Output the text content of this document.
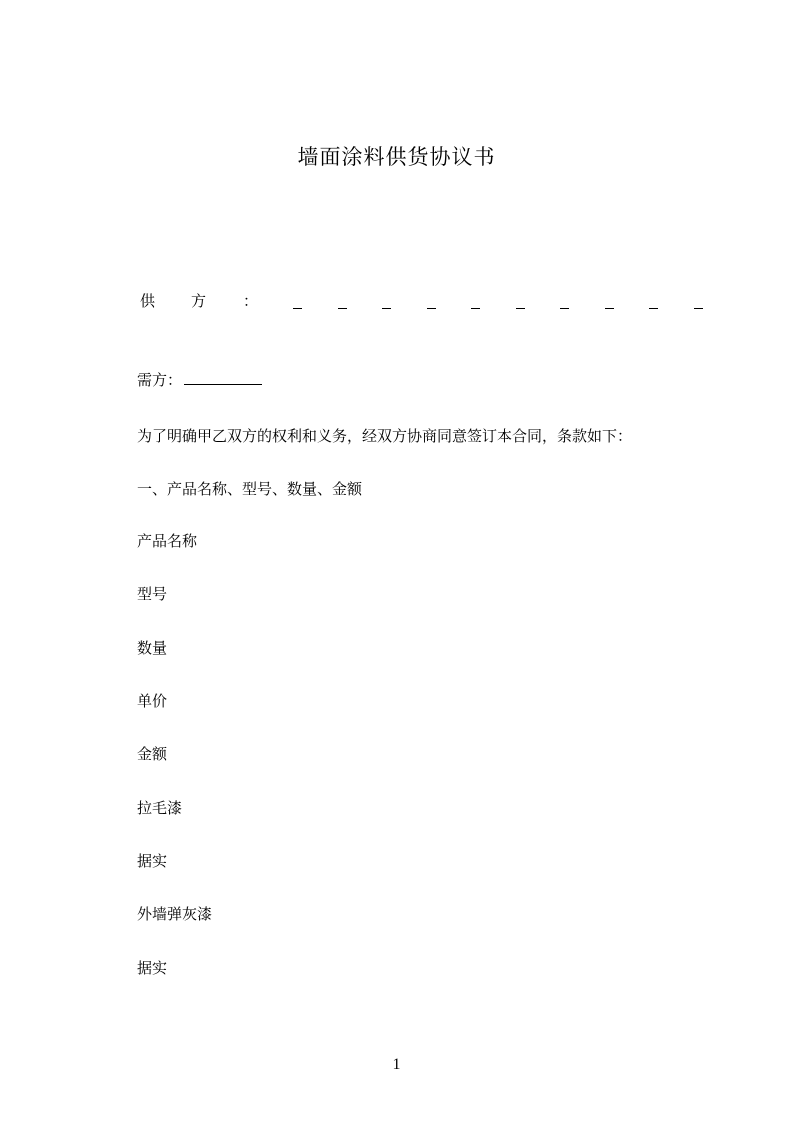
墙面涂料供货协议书
供 方 ：
需方：
为了明确甲乙双方的权利和义务，经双方协商同意签订本合同，条款如下：
一、产品名称、型号、数量、金额
产品名称
型号
数量
单价
金额
拉毛漆
据实
外墙弹灰漆
据实
1
